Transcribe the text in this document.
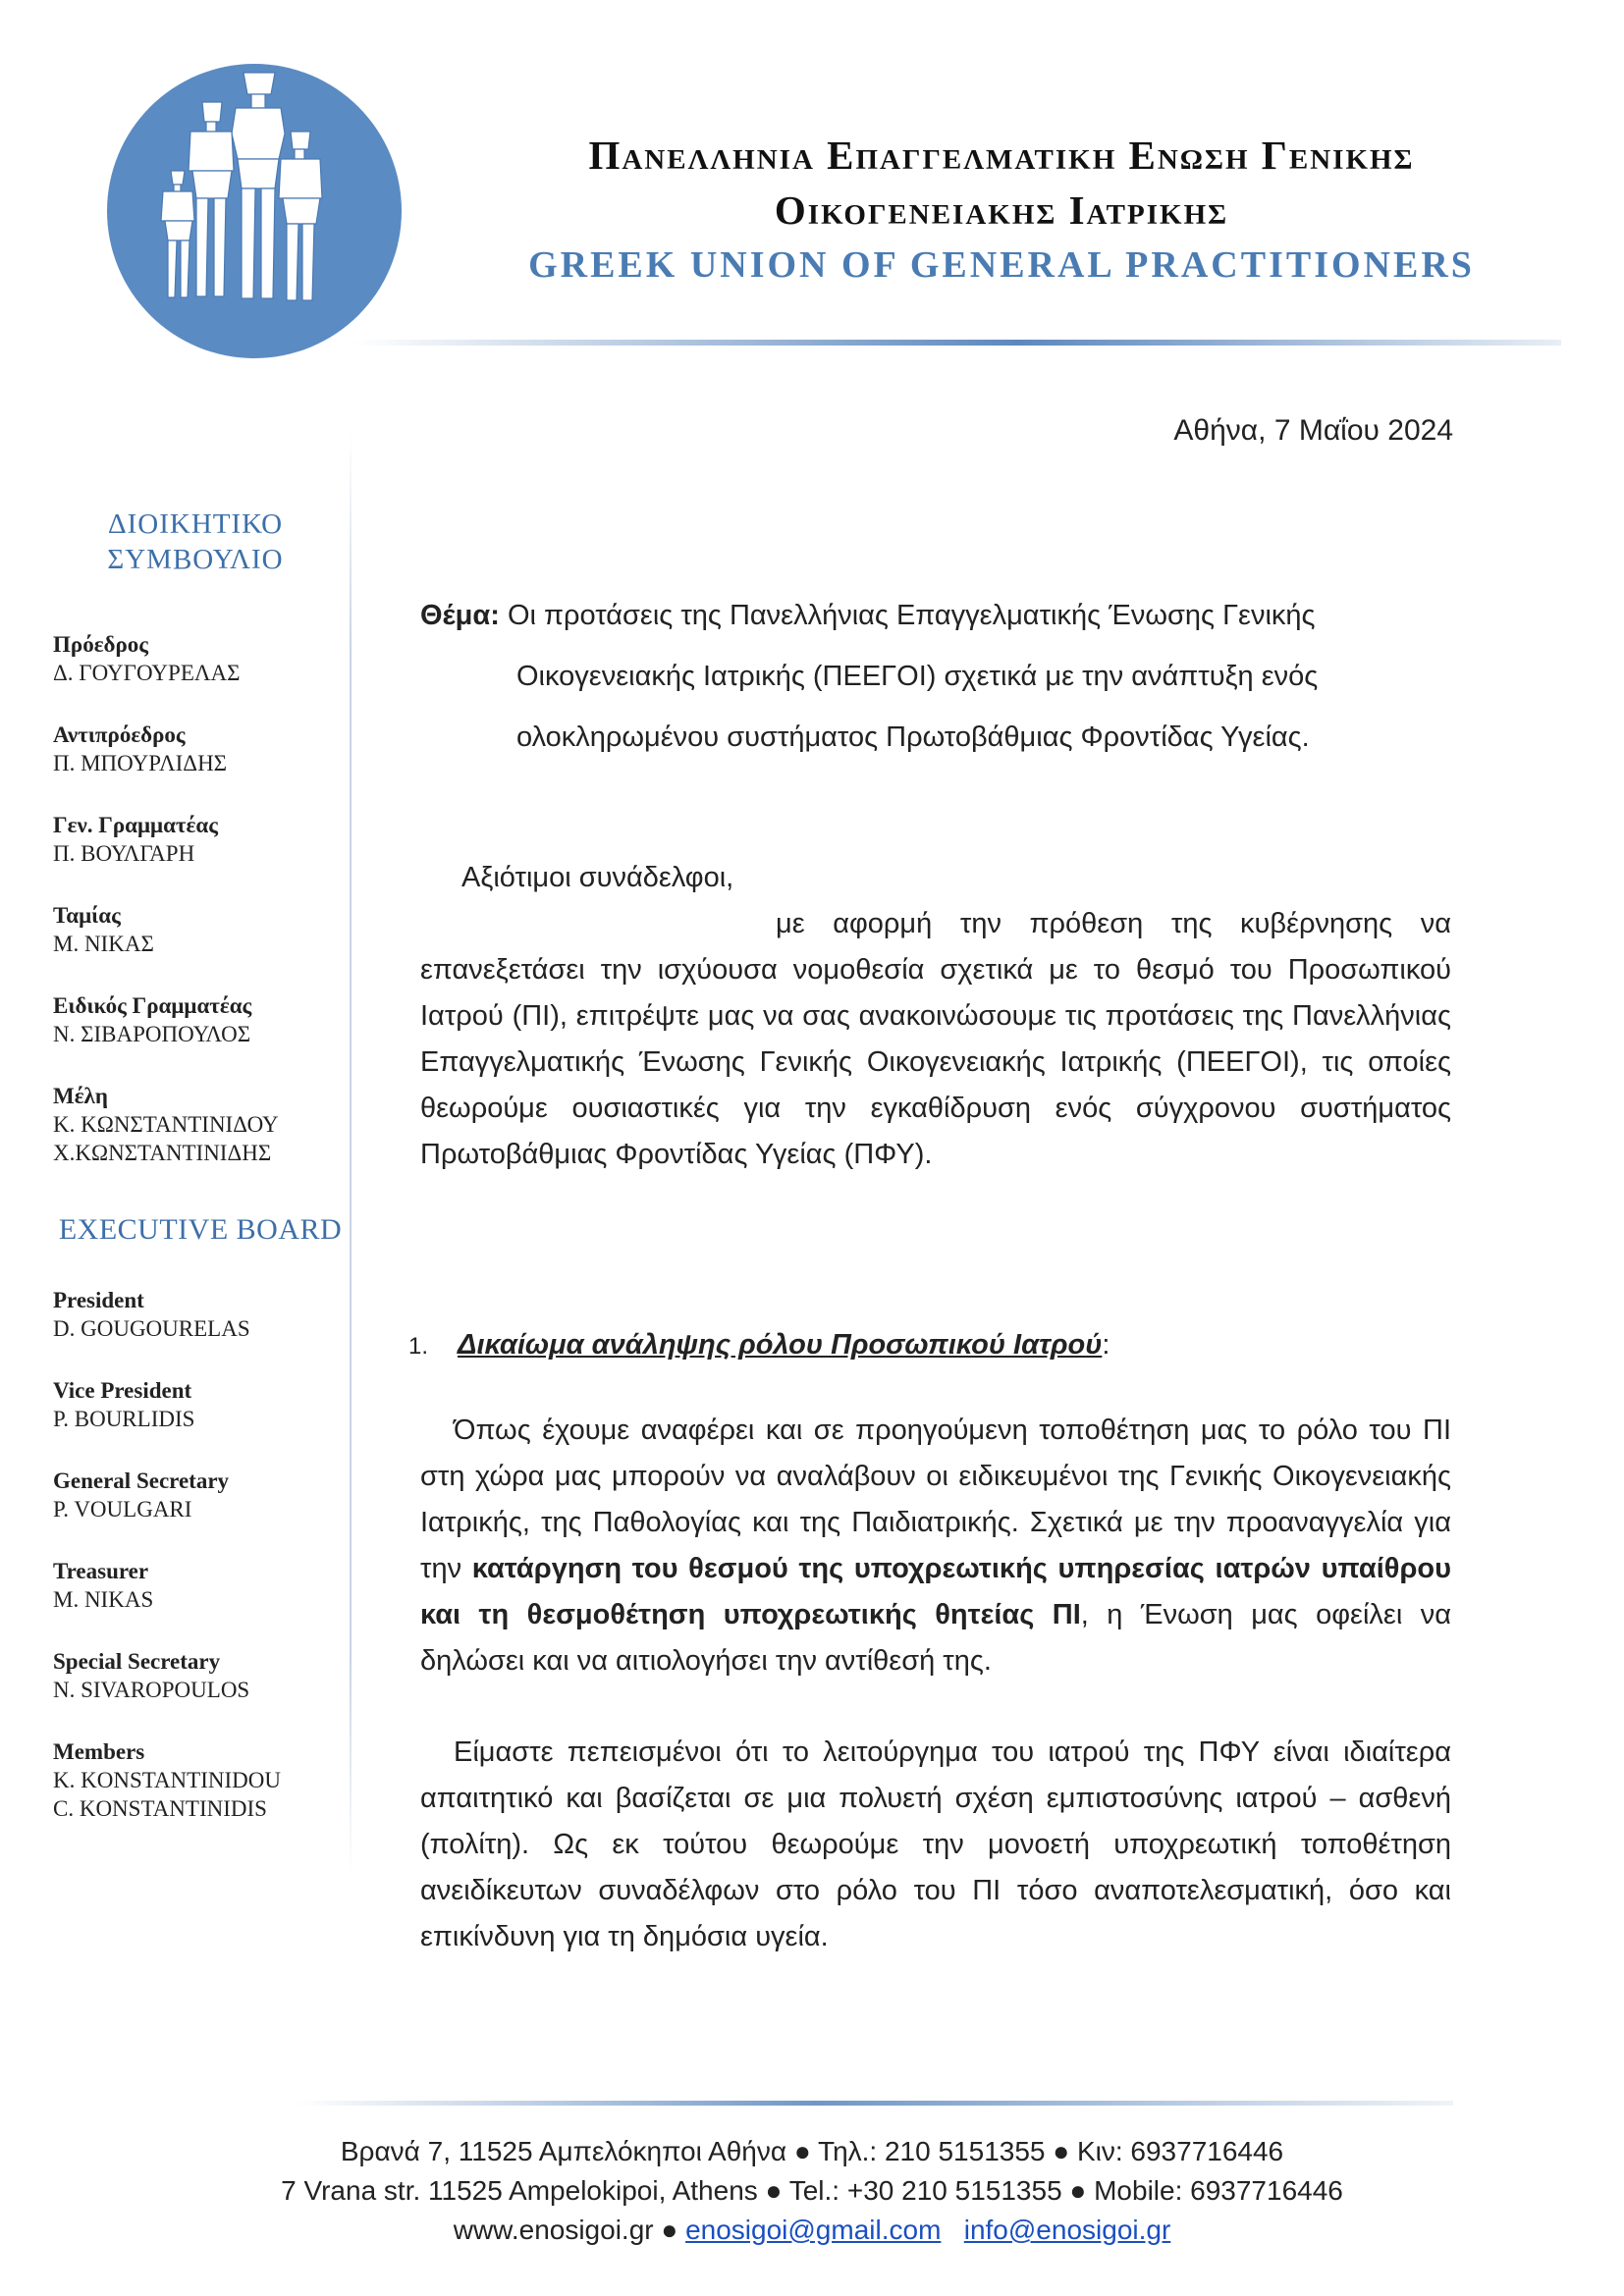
Πανελληνια Επαγγελματικη Ενωση Γενικης
Οικογενειακης Ιατρικης
GREEK UNION OF GENERAL PRACTITIONERS
ΔΙΟΙΚΗΤΙΚΟ
ΣΥΜΒΟΥΛΙΟ
Πρόεδρος
Δ. ΓΟΥΓΟΥΡΕΛΑΣ
Αντιπρόεδρος
Π. ΜΠΟΥΡΛΙΔΗΣ
Γεν. Γραμματέας
Π. ΒΟΥΛΓΑΡΗ
Ταμίας
Μ. ΝΙΚΑΣ
Ειδικός Γραμματέας
Ν. ΣΙΒΑΡΟΠΟΥΛΟΣ
Μέλη
Κ. ΚΩΝΣΤΑΝΤΙΝΙΔΟΥ
Χ.ΚΩΝΣΤΑΝΤΙΝΙΔΗΣ
EXECUTIVE BOARD
President
D. GOUGOURELAS
Vice President
P. BOURLIDIS
General Secretary
P. VOULGARI
Treasurer
M. NIKAS
Special Secretary
N. SIVAROPOULOS
Members
K. KONSTANTINIDOU
C. KONSTANTINIDIS
Αθήνα, 7 Μαΐου 2024
Θέμα: Οι προτάσεις της Πανελλήνιας Επαγγελματικής Ένωσης Γενικής
Οικογενειακής Ιατρικής (ΠΕΕΓΟΙ) σχετικά με την ανάπτυξη ενός
ολοκληρωμένου συστήματος Πρωτοβάθμιας Φροντίδας Υγείας.
Αξιότιμοι συνάδελφοι,
με αφορμή την πρόθεση της κυβέρνησης να επανεξετάσει την ισχύουσα νομοθεσία σχετικά με το θεσμό του Προσωπικού Ιατρού (ΠΙ), επιτρέψτε μας να σας ανακοινώσουμε τις προτάσεις της Πανελλήνιας Επαγγελματικής Ένωσης Γενικής Οικογενειακής Ιατρικής (ΠΕΕΓΟΙ), τις οποίες θεωρούμε ουσιαστικές για την εγκαθίδρυση ενός σύγχρονου συστήματος Πρωτοβάθμιας Φροντίδας Υγείας (ΠΦΥ).
1. Δικαίωμα ανάληψης ρόλου Προσωπικού Ιατρού:
Όπως έχουμε αναφέρει και σε προηγούμενη τοποθέτηση μας το ρόλο του ΠΙ στη χώρα μας μπορούν να αναλάβουν οι ειδικευμένοι της Γενικής Οικογενειακής Ιατρικής, της Παθολογίας και της Παιδιατρικής. Σχετικά με την προαναγγελία για την κατάργηση του θεσμού της υποχρεωτικής υπηρεσίας ιατρών υπαίθρου και τη θεσμοθέτηση υποχρεωτικής θητείας ΠΙ, η Ένωση μας οφείλει να δηλώσει και να αιτιολογήσει την αντίθεσή της.
Είμαστε πεπεισμένοι ότι το λειτούργημα του ιατρού της ΠΦΥ είναι ιδιαίτερα απαιτητικό και βασίζεται σε μια πολυετή σχέση εμπιστοσύνης ιατρού – ασθενή (πολίτη). Ως εκ τούτου θεωρούμε την μονοετή υποχρεωτική τοποθέτηση ανειδίκευτων συναδέλφων στο ρόλο του ΠΙ τόσο αναποτελεσματική, όσο και επικίνδυνη για τη δημόσια υγεία.
Βρανά 7, 11525 Αμπελόκηποι Αθήνα ● Τηλ.: 210 5151355 ● Κιν: 6937716446
7 Vrana str. 11525 Ampelokipoi, Athens ● Tel.: +30 210 5151355 ● Mobile: 6937716446
www.enosigoi.gr ● enosigoi@gmail.com info@enosigoi.gr
